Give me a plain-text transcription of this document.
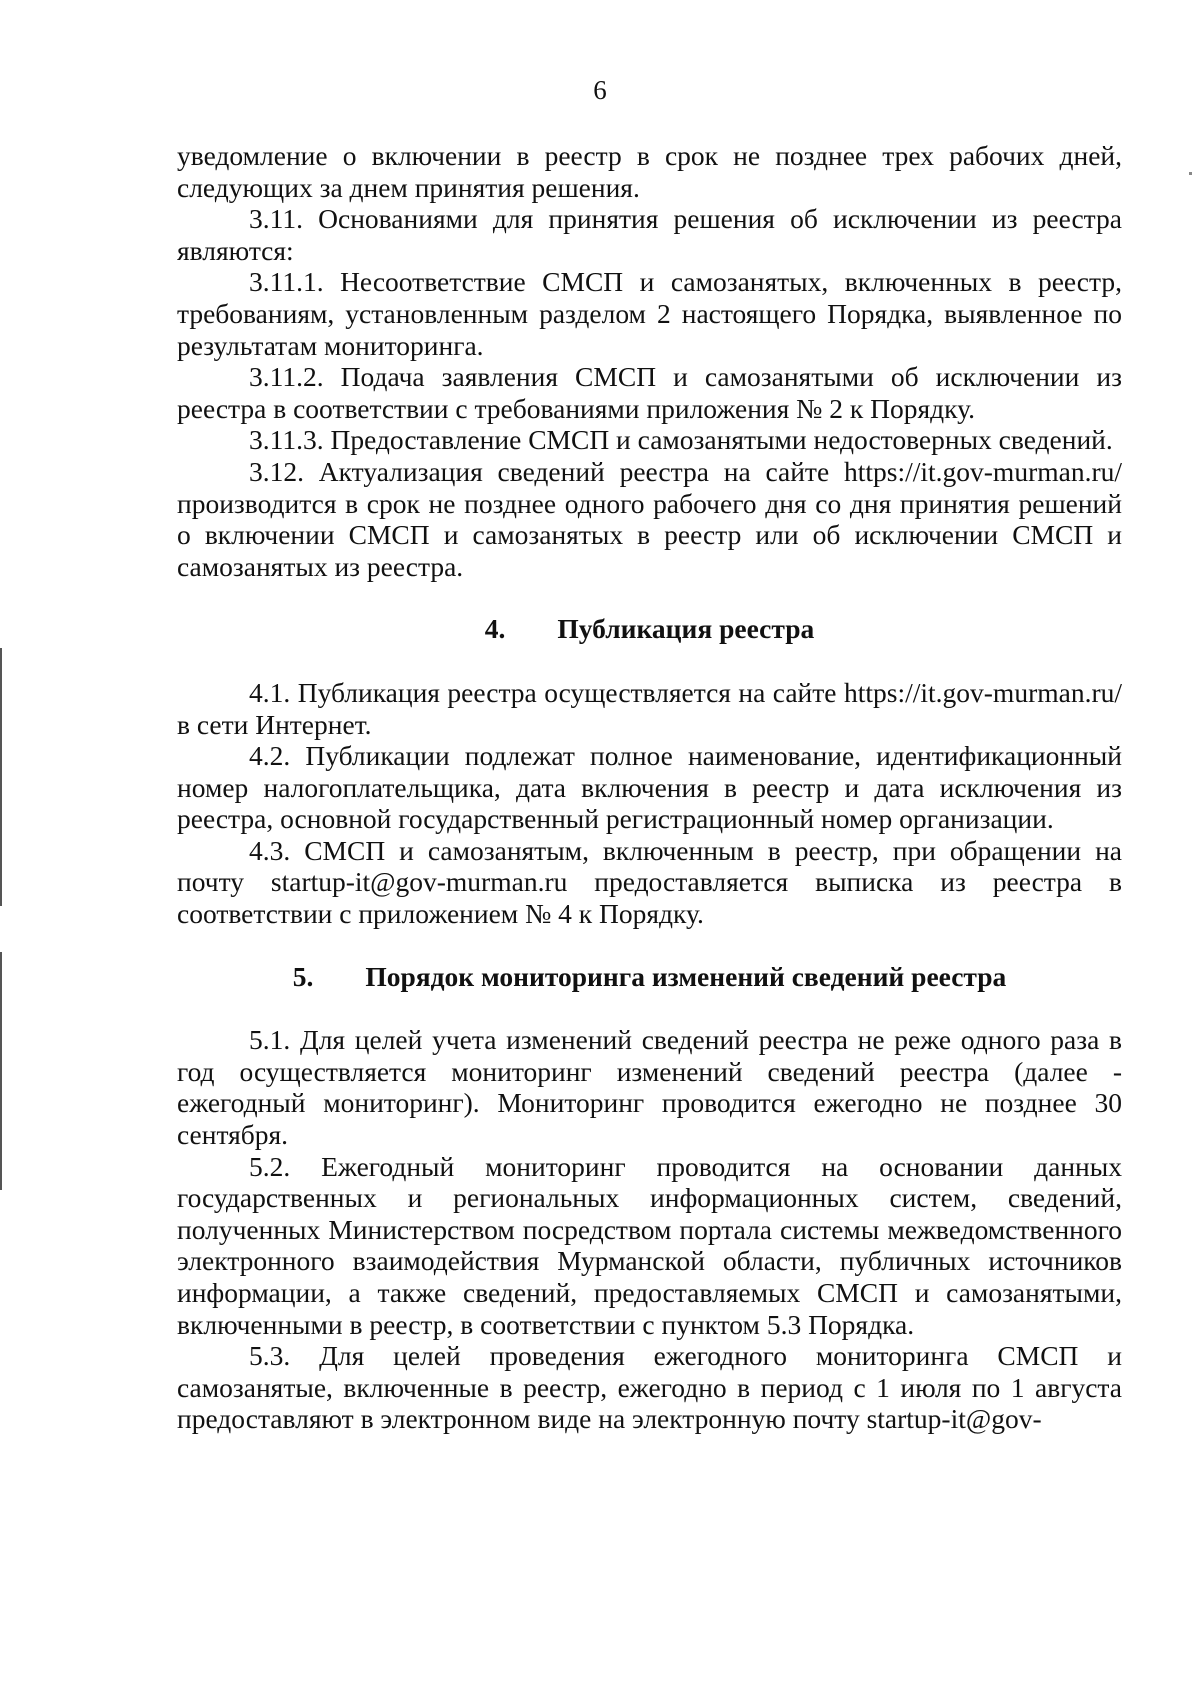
6

уведомление о включении в реестр в срок не позднее трех рабочих дней, следующих за днем принятия решения.

3.11. Основаниями для принятия решения об исключении из реестра являются:

3.11.1. Несоответствие СМСП и самозанятых, включенных в реестр, требованиям, установленным разделом 2 настоящего Порядка, выявленное по результатам мониторинга.

3.11.2. Подача заявления СМСП и самозанятыми об исключении из реестра в соответствии с требованиями приложения № 2 к Порядку.

3.11.3. Предоставление СМСП и самозанятыми недостоверных сведений.

3.12. Актуализация сведений реестра на сайте https://it.gov-murman.ru/ производится в срок не позднее одного рабочего дня со дня принятия решений о включении СМСП и самозанятых в реестр или об исключении СМСП и самозанятых из реестра.

4. Публикация реестра

4.1. Публикация реестра осуществляется на сайте https://it.gov-murman.ru/ в сети Интернет.

4.2. Публикации подлежат полное наименование, идентификационный номер налогоплательщика, дата включения в реестр и дата исключения из реестра, основной государственный регистрационный номер организации.

4.3. СМСП и самозанятым, включенным в реестр, при обращении на почту startup-it@gov-murman.ru предоставляется выписка из реестра в соответствии с приложением № 4 к Порядку.

5. Порядок мониторинга изменений сведений реестра

5.1. Для целей учета изменений сведений реестра не реже одного раза в год осуществляется мониторинг изменений сведений реестра (далее - ежегодный мониторинг). Мониторинг проводится ежегодно не позднее 30 сентября.

5.2. Ежегодный мониторинг проводится на основании данных государственных и региональных информационных систем, сведений, полученных Министерством посредством портала системы межведомственного электронного взаимодействия Мурманской области, публичных источников информации, а также сведений, предоставляемых СМСП и самозанятыми, включенными в реестр, в соответствии с пунктом 5.3 Порядка.

5.3. Для целей проведения ежегодного мониторинга СМСП и самозанятые, включенные в реестр, ежегодно в период с 1 июля по 1 августа предоставляют в электронном виде на электронную почту startup-it@gov-
